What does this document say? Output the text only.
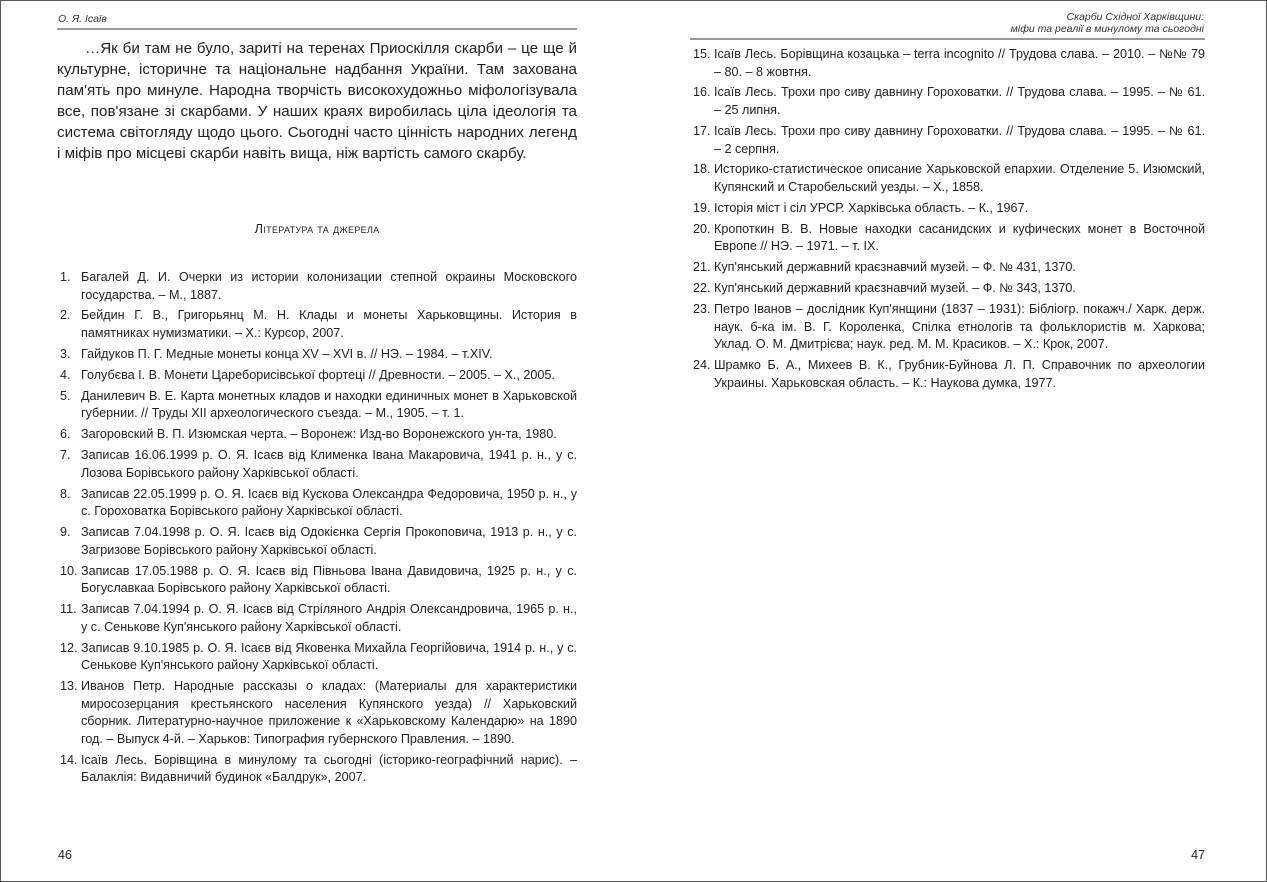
О. Я. Ісаїв
…Як би там не було, зариті на теренах Приоскілля скарби – це ще й культурне, історичне та національне надбання України. Там захована пам'ять про минуле. Народна творчість високохудожньо міфологізувала все, пов'язане зі скарбами. У наших краях виробилась ціла ідеологія та система світогляду щодо цього. Сьогодні часто цінність народних легенд і міфів про місцеві скарби навіть вища, ніж вартість самого скарбу.
Література та джерела
1. Багалей Д. И. Очерки из истории колонизации степной окраины Московского государства. – М., 1887.
2. Бейдин Г. В., Григорьянц М. Н. Клады и монеты Харьковщины. История в памятниках нумизматики. – Х.: Курсор, 2007.
3. Гайдуков П. Г. Медные монеты конца XV – XVI в. // НЭ. – 1984. – т.XIV.
4. Голубєва І. В. Монети Цареборисівської фортеці // Древности. – 2005. – Х., 2005.
5. Данилевич В. Е. Карта монетных кладов и находки единичных монет в Харьковской губернии. // Труды XII археологического съезда. – М., 1905. – т. 1.
6. Загоровский В. П. Изюмская черта. – Воронеж: Изд-во Воронежского ун-та, 1980.
7. Записав 16.06.1999 р. О. Я. Ісаєв від Клименка Івана Макаровича, 1941 р. н., у с. Лозова Борівського району Харківської області.
8. Записав 22.05.1999 р. О. Я. Ісаєв від Кускова Олександра Федоровича, 1950 р. н., у с. Гороховатка Борівського району Харківської області.
9. Записав 7.04.1998 р. О. Я. Ісаєв від Одокієнка Сергія Прокоповича, 1913 р. н., у с. Загризове Борівського району Харківської області.
10. Записав 17.05.1988 р. О. Я. Ісаєв від Півньова Івана Давидовича, 1925 р. н., у с. Богуславкаа Борівського району Харківської області.
11. Записав 7.04.1994 р. О. Я. Ісаєв від Стріляного Андрія Олександровича, 1965 р. н., у с. Сенькове Куп'янського району Харківської області.
12. Записав 9.10.1985 р. О. Я. Ісаєв від Яковенка Михайла Георгійовича, 1914 р. н., у с. Сенькове Куп'янського району Харківської області.
13. Иванов Петр. Народные рассказы о кладах: (Материалы для характеристики миросозерцания крестьянского населения Купянского уезда) // Харьковский сборник. Литературно-научное приложение к «Харьковскому Календарю» на 1890 год. – Выпуск 4-й. – Харьков: Типография губернского Правления. – 1890.
14. Ісаїв Лесь. Борівщина в минулому та сьогодні (історико-географічний нарис). – Балаклія: Видавничий будинок «Балдрук», 2007.
46
Скарби Східної Харківщини:
міфи та реалії в минулому та сьогодні
15. Ісаїв Лесь. Борівщина козацька – terra incognito // Трудова слава. – 2010. – №№ 79 – 80. – 8 жовтня.
16. Ісаїв Лесь. Трохи про сиву давнину Гороховатки. // Трудова слава. – 1995. – № 61. – 25 липня.
17. Ісаїв Лесь. Трохи про сиву давнину Гороховатки. // Трудова слава. – 1995. – № 61. – 2 серпня.
18. Историко-статистическое описание Харьковской епархии. Отделение 5. Изюмский, Купянский и Старобельский уезды. – Х., 1858.
19. Історія міст і сіл УРСР. Харківська область. – К., 1967.
20. Кропоткин В. В. Новые находки сасанидских и куфических монет в Восточной Европе // НЭ. – 1971. – т. IX.
21. Куп'янський державний краєзнавчий музей. – Ф. № 431, 1370.
22. Куп'янський державний краєзнавчий музей. – Ф. № 343, 1370.
23. Петро Іванов – дослідник Куп'янщини (1837 – 1931): Бібліогр. покажч./ Харк. держ. наук. б-ка ім. В. Г. Короленка, Спілка етнологів та фольклористів м. Харкова; Уклад. О. М. Дмитрієва; наук. ред. М. М. Красиков. – Х.: Крок, 2007.
24. Шрамко Б. А., Михеев В. К., Грубник-Буйнова Л. П. Справочник по археологии Украины. Харьковская область. – К.: Наукова думка, 1977.
47
